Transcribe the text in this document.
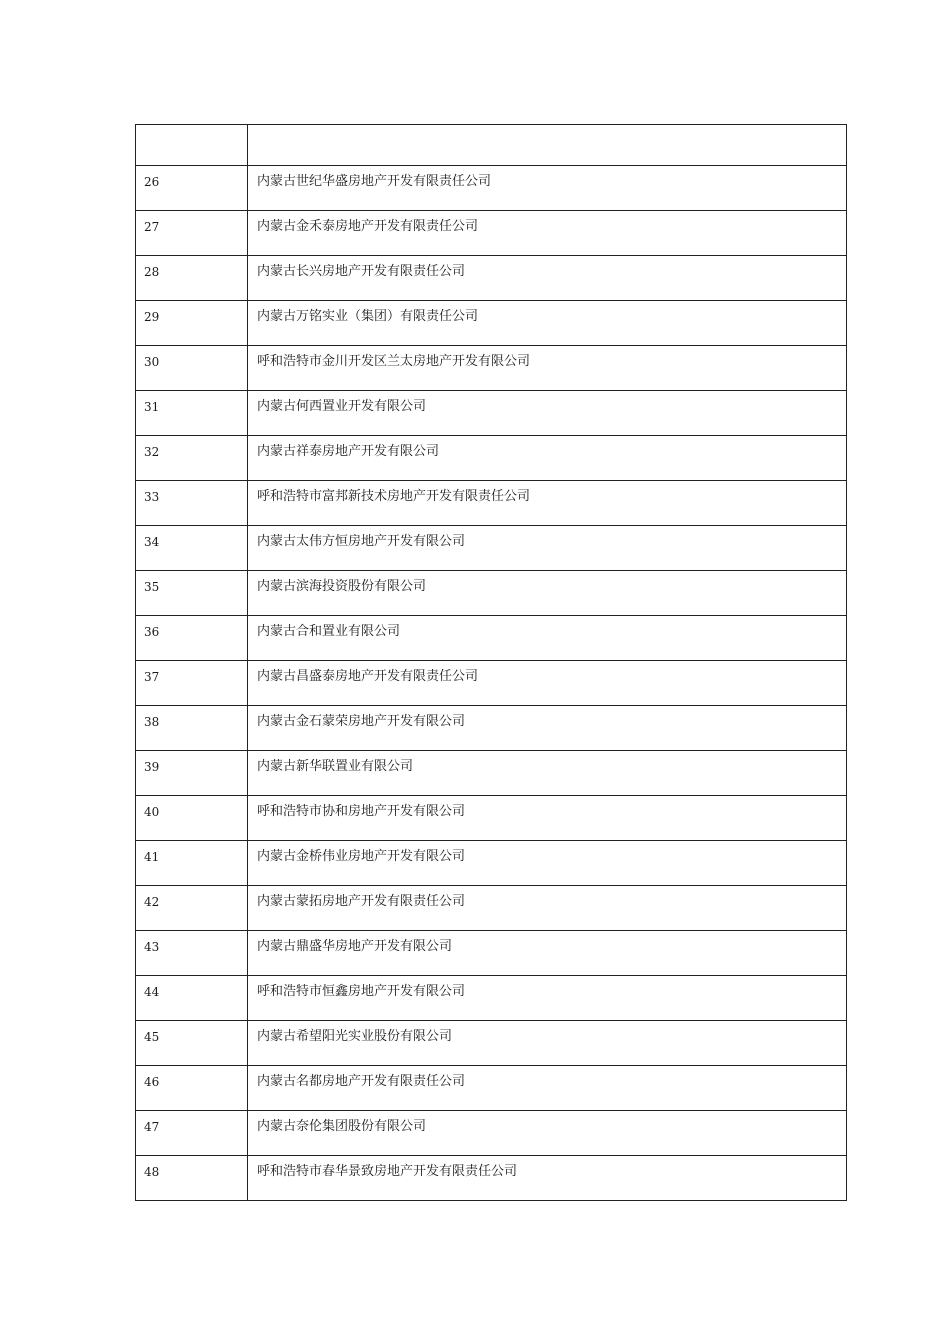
26	内蒙古世纪华盛房地产开发有限责任公司
27	内蒙古金禾泰房地产开发有限责任公司
28	内蒙古长兴房地产开发有限责任公司
29	内蒙古万铭实业（集团）有限责任公司
30	呼和浩特市金川开发区兰太房地产开发有限公司
31	内蒙古何西置业开发有限公司
32	内蒙古祥泰房地产开发有限公司
33	呼和浩特市富邦新技术房地产开发有限责任公司
34	内蒙古太伟方恒房地产开发有限公司
35	内蒙古滨海投资股份有限公司
36	内蒙古合和置业有限公司
37	内蒙古昌盛泰房地产开发有限责任公司
38	内蒙古金石蒙荣房地产开发有限公司
39	内蒙古新华联置业有限公司
40	呼和浩特市协和房地产开发有限公司
41	内蒙古金桥伟业房地产开发有限公司
42	内蒙古蒙拓房地产开发有限责任公司
43	内蒙古鼎盛华房地产开发有限公司
44	呼和浩特市恒鑫房地产开发有限公司
45	内蒙古希望阳光实业股份有限公司
46	内蒙古名都房地产开发有限责任公司
47	内蒙古奈伦集团股份有限公司
48	呼和浩特市春华景致房地产开发有限责任公司
